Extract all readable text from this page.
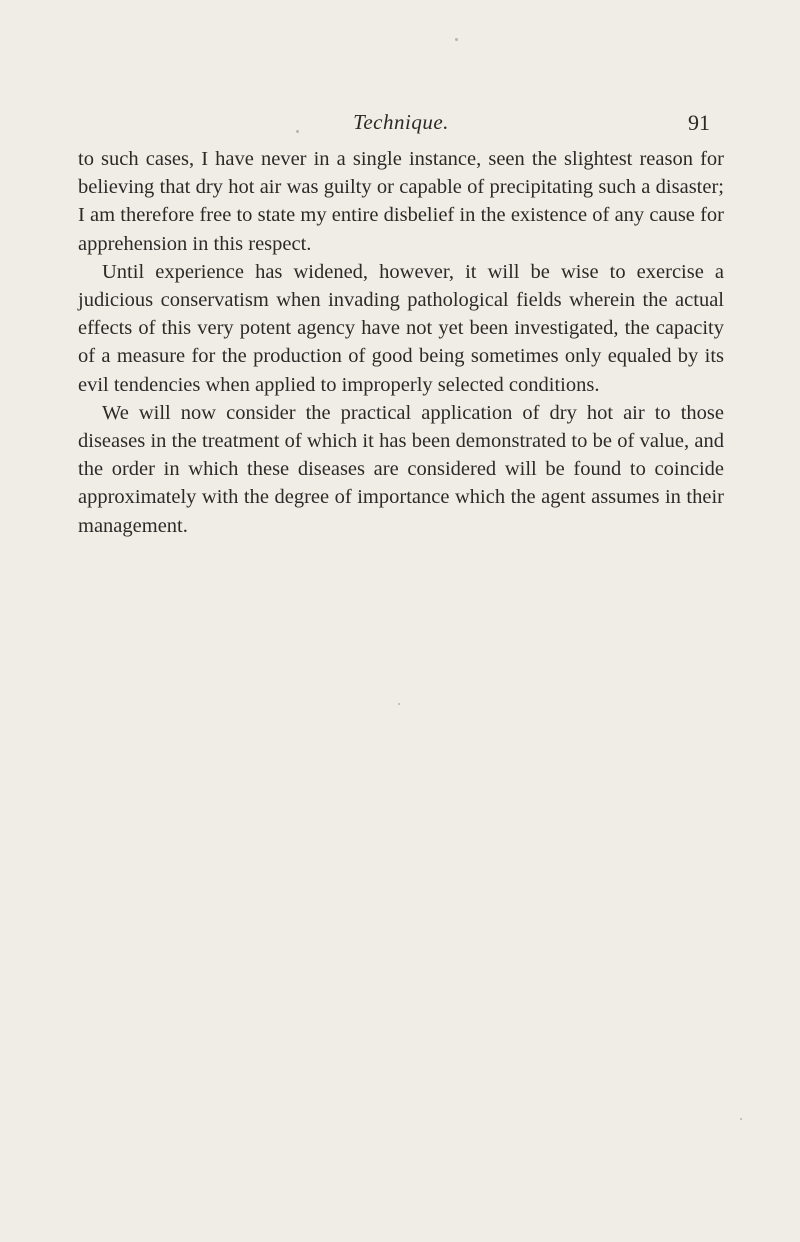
Technique.	91

to such cases, I have never in a single instance, seen the slightest reason for believing that dry hot air was guilty or capable of precipitating such a disaster; I am therefore free to state my entire disbelief in the existence of any cause for apprehension in this respect.

Until experience has widened, however, it will be wise to exercise a judicious conservatism when invading pathological fields wherein the actual effects of this very potent agency have not yet been investigated, the capacity of a measure for the production of good being sometimes only equaled by its evil tendencies when applied to improperly selected conditions.

We will now consider the practical application of dry hot air to those diseases in the treatment of which it has been demonstrated to be of value, and the order in which these diseases are considered will be found to coincide approximately with the degree of importance which the agent assumes in their management.
